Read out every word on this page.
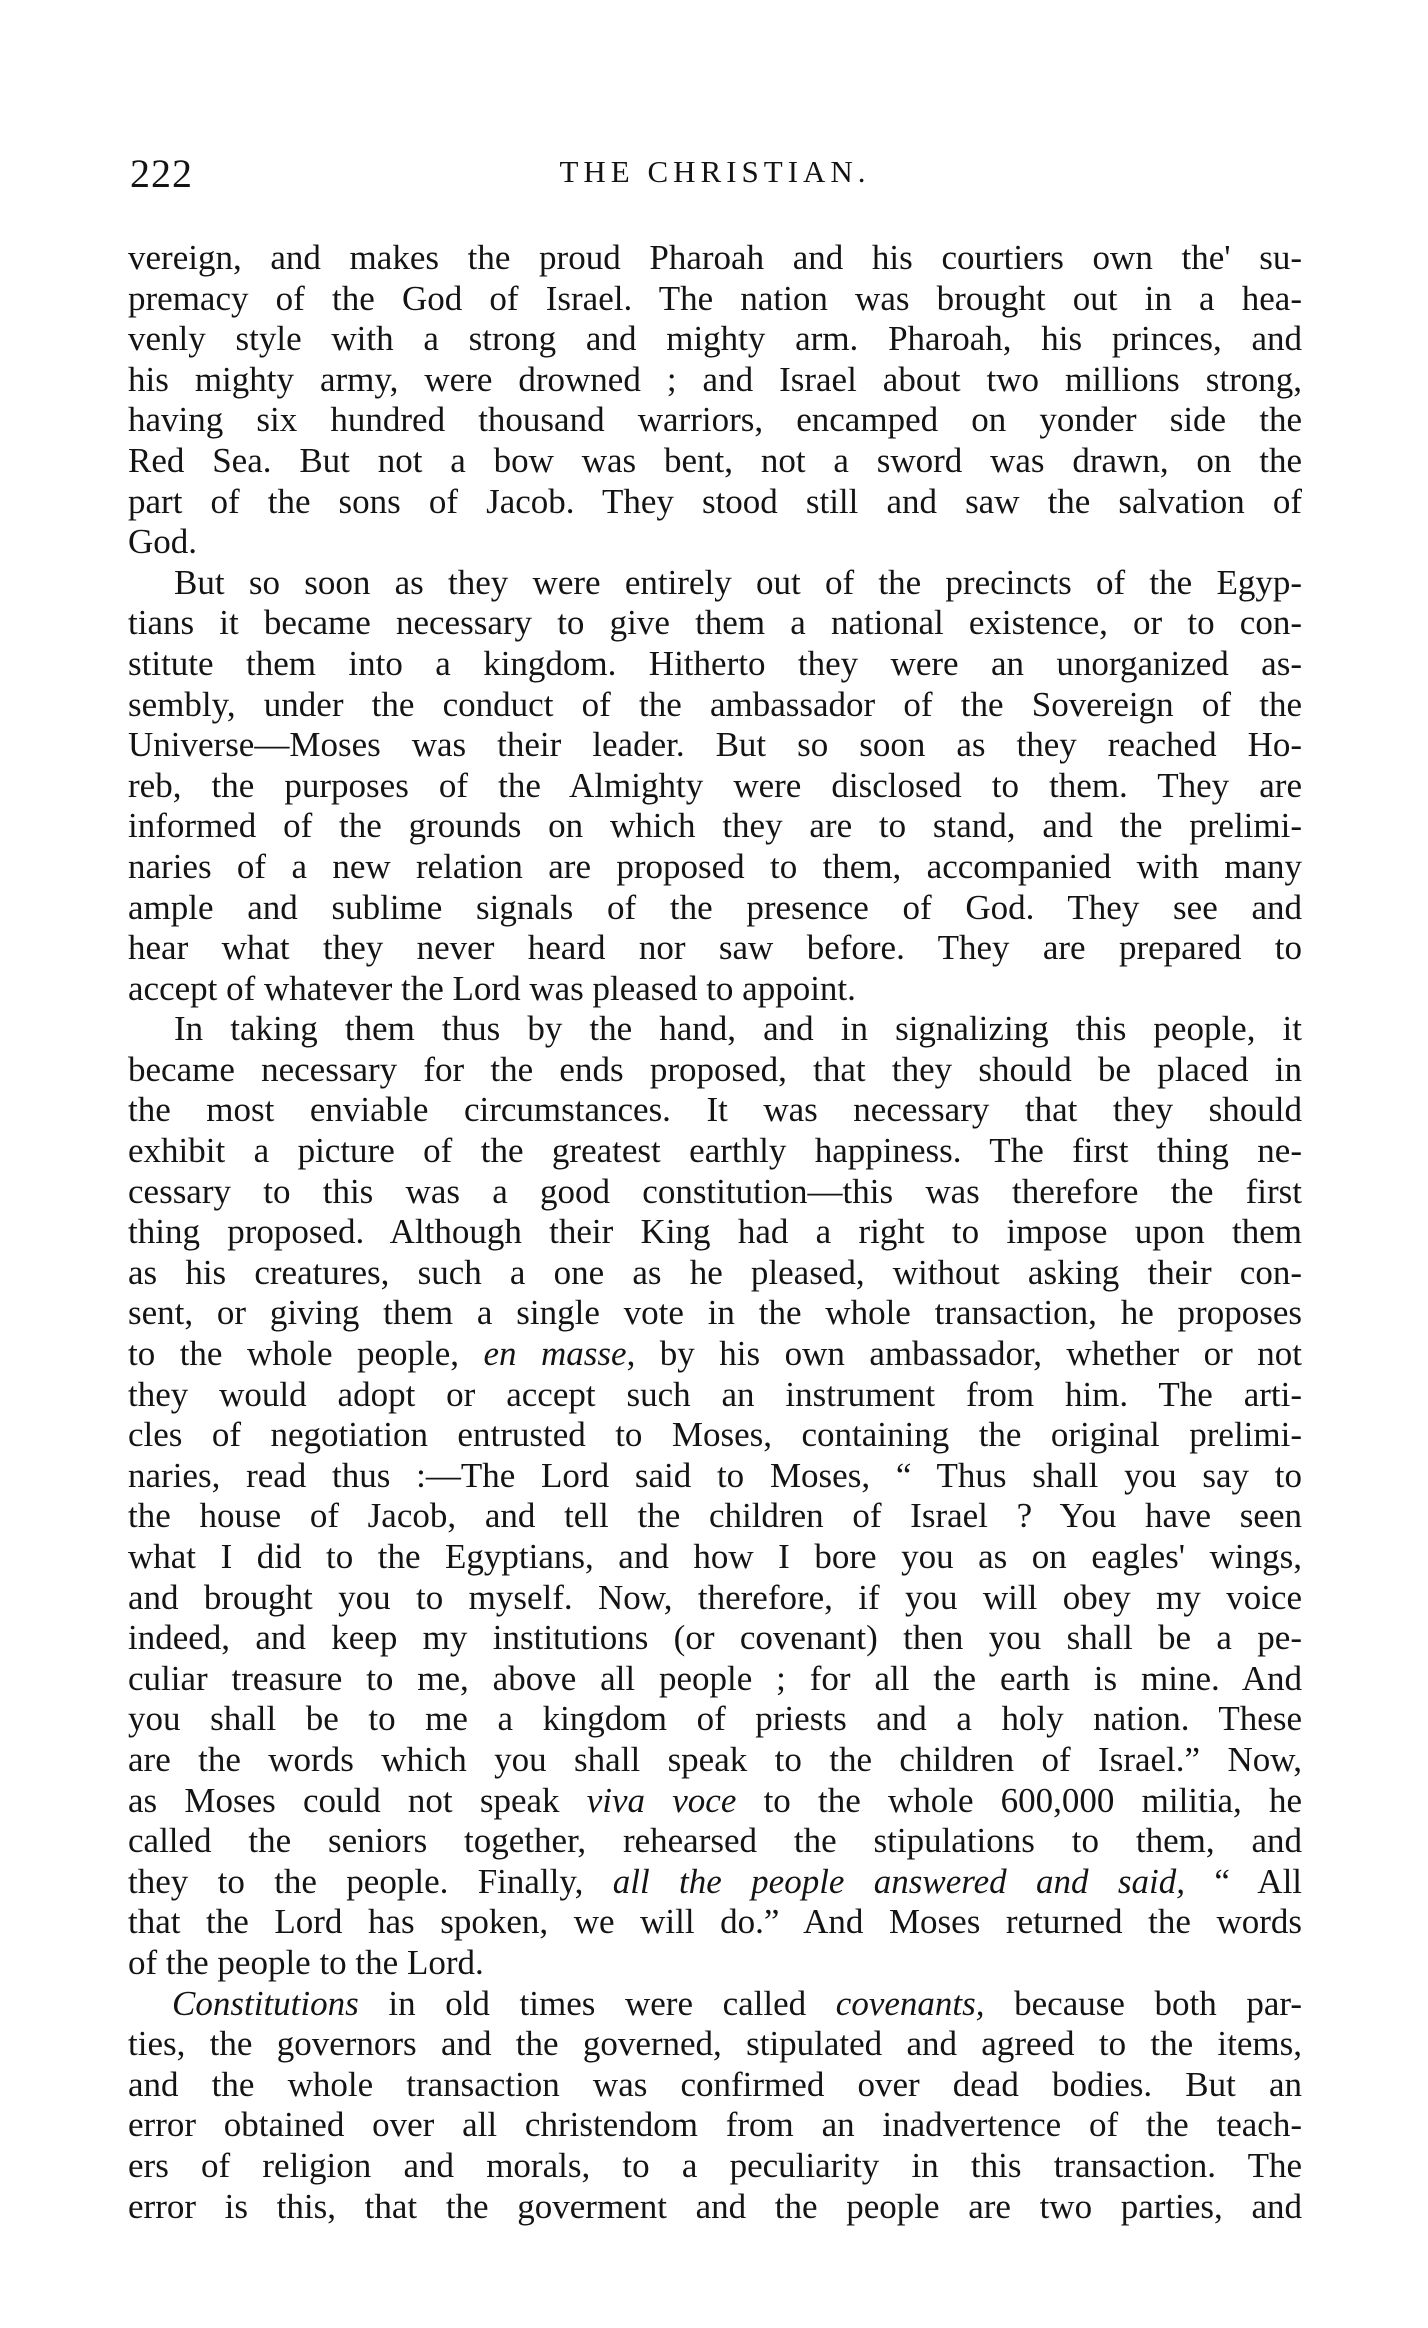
222	THE CHRISTIAN.
vereign, and makes the proud Pharoah and his courtiers own the' su-
premacy of the God of Israel. The nation was brought out in a hea-
venly style with a strong and mighty arm. Pharoah, his princes, and
his mighty army, were drowned ; and Israel about two millions strong,
having six hundred thousand warriors, encamped on yonder side the
Red Sea. But not a bow was bent, not a sword was drawn, on the
part of the sons of Jacob. They stood still and saw the salvation of
God.
But so soon as they were entirely out of the precincts of the Egyp-
tians it became necessary to give them a national existence, or to con-
stitute them into a kingdom. Hitherto they were an unorganized as-
sembly, under the conduct of the ambassador of the Sovereign of the
Universe—Moses was their leader. But so soon as they reached Ho-
reb, the purposes of the Almighty were disclosed to them. They are
informed of the grounds on which they are to stand, and the prelimi-
naries of a new relation are proposed to them, accompanied with many
ample and sublime signals of the presence of God. They see and
hear what they never heard nor saw before. They are prepared to
accept of whatever the Lord was pleased to appoint.
In taking them thus by the hand, and in signalizing this people, it
became necessary for the ends proposed, that they should be placed in
the most enviable circumstances. It was necessary that they should
exhibit a picture of the greatest earthly happiness. The first thing ne-
cessary to this was a good constitution—this was therefore the first
thing proposed. Although their King had a right to impose upon them
as his creatures, such a one as he pleased, without asking their con-
sent, or giving them a single vote in the whole transaction, he proposes
to the whole people, en masse, by his own ambassador, whether or not
they would adopt or accept such an instrument from him. The arti-
cles of negotiation entrusted to Moses, containing the original prelimi-
naries, read thus :—The Lord said to Moses, “ Thus shall you say to
the house of Jacob, and tell the children of Israel ? You have seen
what I did to the Egyptians, and how I bore you as on eagles' wings,
and brought you to myself. Now, therefore, if you will obey my voice
indeed, and keep my institutions (or covenant) then you shall be a pe-
culiar treasure to me, above all people ; for all the earth is mine. And
you shall be to me a kingdom of priests and a holy nation. These
are the words which you shall speak to the children of Israel.” Now,
as Moses could not speak viva voce to the whole 600,000 militia, he
called the seniors together, rehearsed the stipulations to them, and
they to the people. Finally, all the people answered and said, “ All
that the Lord has spoken, we will do.” And Moses returned the words
of the people to the Lord.
Constitutions in old times were called covenants, because both par-
ties, the governors and the governed, stipulated and agreed to the items,
and the whole transaction was confirmed over dead bodies. But an
error obtained over all christendom from an inadvertence of the teach-
ers of religion and morals, to a peculiarity in this transaction. The
error is this, that the goverment and the people are two parties, and
